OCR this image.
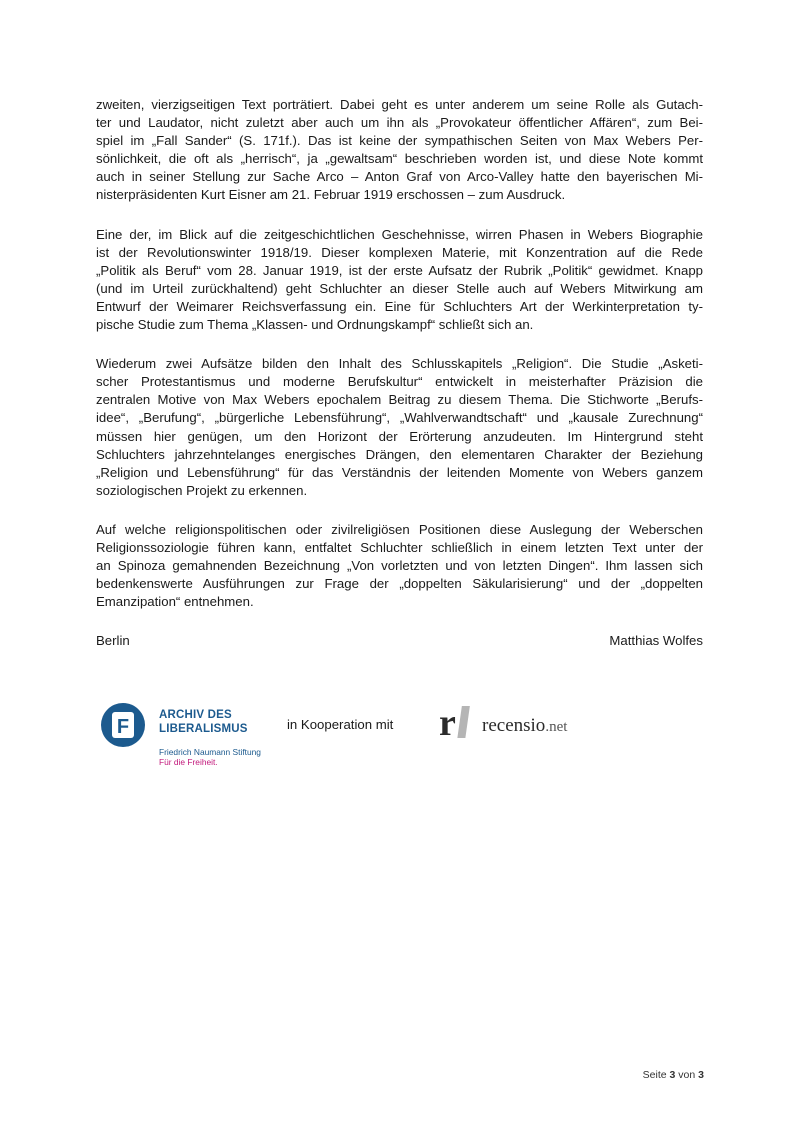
zweiten, vierzigseitigen Text porträtiert. Dabei geht es unter anderem um seine Rolle als Gutach-
ter und Laudator, nicht zuletzt aber auch um ihn als „Provokateur öffentlicher Affären“, zum Bei-
spiel im „Fall Sander“ (S. 171f.). Das ist keine der sympathischen Seiten von Max Webers Per-
sönlichkeit, die oft als „herrisch“, ja „gewaltsam“ beschrieben worden ist, und diese Note kommt
auch in seiner Stellung zur Sache Arco – Anton Graf von Arco-Valley hatte den bayerischen Mi-
nisterpräsidenten Kurt Eisner am 21. Februar 1919 erschossen – zum Ausdruck.

Eine der, im Blick auf die zeitgeschichtlichen Geschehnisse, wirren Phasen in Webers Biographie
ist der Revolutionswinter 1918/19. Dieser komplexen Materie, mit Konzentration auf die Rede
„Politik als Beruf“ vom 28. Januar 1919, ist der erste Aufsatz der Rubrik „Politik“ gewidmet. Knapp
(und im Urteil zurückhaltend) geht Schluchter an dieser Stelle auch auf Webers Mitwirkung am
Entwurf der Weimarer Reichsverfassung ein. Eine für Schluchters Art der Werkinterpretation ty-
pische Studie zum Thema „Klassen- und Ordnungskampf“ schließt sich an.

Wiederum zwei Aufsätze bilden den Inhalt des Schlusskapitels „Religion“. Die Studie „Asketi-
scher Protestantismus und moderne Berufskultur“ entwickelt in meisterhafter Präzision die
zentralen Motive von Max Webers epochalem Beitrag zu diesem Thema. Die Stichworte „Berufs-
idee“, „Berufung“, „bürgerliche Lebensführung“, „Wahlverwandtschaft“ und „kausale Zurechnung“
müssen hier genügen, um den Horizont der Erörterung anzudeuten. Im Hintergrund steht
Schluchters jahrzehntelanges energisches Drängen, den elementaren Charakter der Beziehung
„Religion und Lebensführung“ für das Verständnis der leitenden Momente von Webers ganzem
soziologischen Projekt zu erkennen.

Auf welche religionspolitischen oder zivilreligiösen Positionen diese Auslegung der Weberschen
Religionssoziologie führen kann, entfaltet Schluchter schließlich in einem letzten Text unter der
an Spinoza gemahnenden Bezeichnung „Von vorletzten und von letzten Dingen“. Ihm lassen sich
bedenkenswerte Ausführungen zur Frage der „doppelten Säkularisierung“ und der „doppelten
Emanzipation“ entnehmen.

Berlin	Matthias Wolfes
F
ARCHIV DES
LIBERALISMUS
Friedrich Naumann Stiftung
Für die Freiheit.
in Kooperation mit r recensio.net
Seite 3 von 3
